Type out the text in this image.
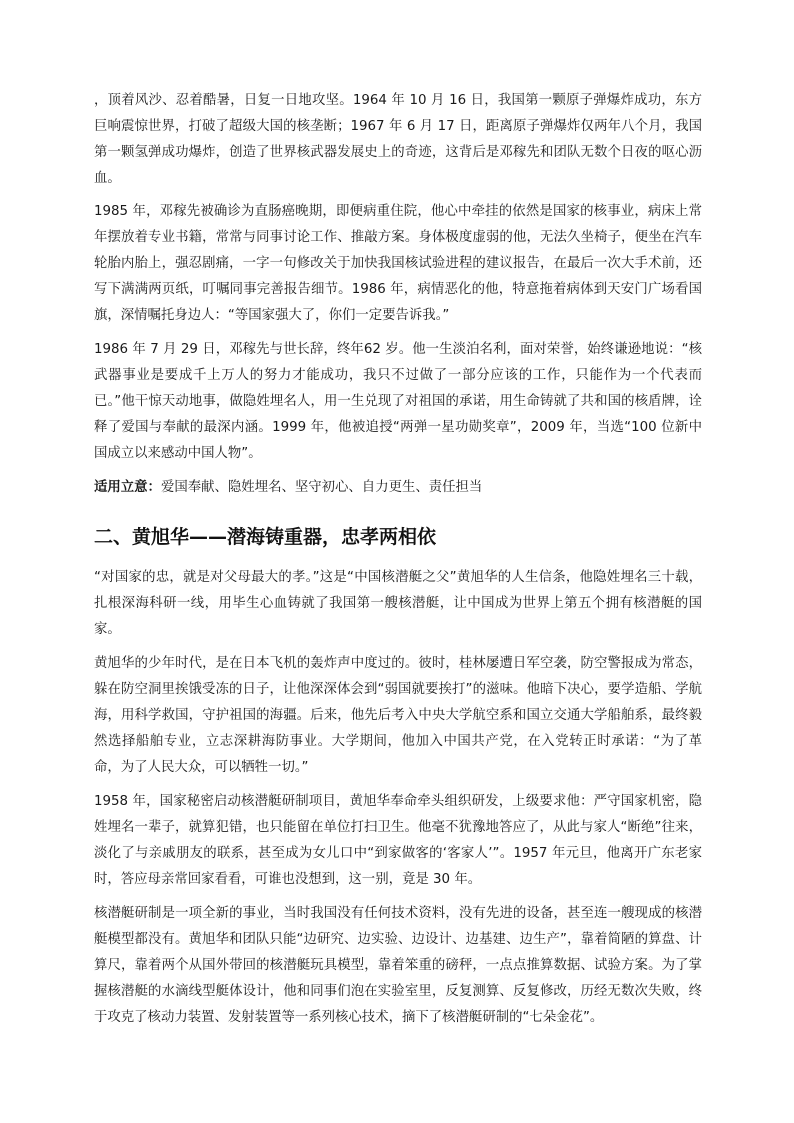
，顶着风沙、忍着酷暑，日复一日地攻坚。1964 年 10 月 16 日，我国第一颗原子弹爆炸成功，东方巨响震惊世界，打破了超级大国的核垄断；1967 年 6 月 17 日，距离原子弹爆炸仅两年八个月，我国第一颗氢弹成功爆炸，创造了世界核武器发展史上的奇迹，这背后是邓稼先和团队无数个日夜的呕心沥血。

1985 年，邓稼先被确诊为直肠癌晚期，即便病重住院，他心中牵挂的依然是国家的核事业，病床上常年摆放着专业书籍，常常与同事讨论工作、推敲方案。身体极度虚弱的他，无法久坐椅子，便坐在汽车轮胎内胎上，强忍剧痛，一字一句修改关于加快我国核试验进程的建议报告，在最后一次大手术前，还写下满满两页纸，叮嘱同事完善报告细节。1986 年，病情恶化的他，特意拖着病体到天安门广场看国旗，深情嘱托身边人：“等国家强大了，你们一定要告诉我。”

1986 年 7 月 29 日，邓稼先与世长辞，终年62 岁。他一生淡泊名利，面对荣誉，始终谦逊地说：“核武器事业是要成千上万人的努力才能成功，我只不过做了一部分应该的工作，只能作为一个代表而已。”他干惊天动地事，做隐姓埋名人，用一生兑现了对祖国的承诺，用生命铸就了共和国的核盾牌，诠释了爱国与奉献的最深内涵。1999 年，他被追授“两弹一星功勋奖章”，2009 年，当选“100 位新中国成立以来感动中国人物”。

适用立意：爱国奉献、隐姓埋名、坚守初心、自力更生、责任担当

二、黄旭华——潜海铸重器，忠孝两相依

“对国家的忠，就是对父母最大的孝。”这是“中国核潜艇之父”黄旭华的人生信条，他隐姓埋名三十载，扎根深海科研一线，用毕生心血铸就了我国第一艘核潜艇，让中国成为世界上第五个拥有核潜艇的国家。

黄旭华的少年时代，是在日本飞机的轰炸声中度过的。彼时，桂林屡遭日军空袭，防空警报成为常态，躲在防空洞里挨饿受冻的日子，让他深深体会到“弱国就要挨打”的滋味。他暗下决心，要学造船、学航海，用科学救国，守护祖国的海疆。后来，他先后考入中央大学航空系和国立交通大学船舶系，最终毅然选择船舶专业，立志深耕海防事业。大学期间，他加入中国共产党，在入党转正时承诺：“为了革命，为了人民大众，可以牺牲一切。”

1958 年，国家秘密启动核潜艇研制项目，黄旭华奉命牵头组织研发，上级要求他：严守国家机密，隐姓埋名一辈子，就算犯错，也只能留在单位打扫卫生。他毫不犹豫地答应了，从此与家人“断绝”往来，淡化了与亲戚朋友的联系，甚至成为女儿口中“到家做客的‘客家人’”。1957 年元旦，他离开广东老家时，答应母亲常回家看看，可谁也没想到，这一别，竟是 30 年。

核潜艇研制是一项全新的事业，当时我国没有任何技术资料，没有先进的设备，甚至连一艘现成的核潜艇模型都没有。黄旭华和团队只能“边研究、边实验、边设计、边基建、边生产”，靠着简陋的算盘、计算尺，靠着两个从国外带回的核潜艇玩具模型，靠着笨重的磅秤，一点点推算数据、试验方案。为了掌握核潜艇的水滴线型艇体设计，他和同事们泡在实验室里，反复测算、反复修改，历经无数次失败，终于攻克了核动力装置、发射装置等一系列核心技术，摘下了核潜艇研制的“七朵金花”。
